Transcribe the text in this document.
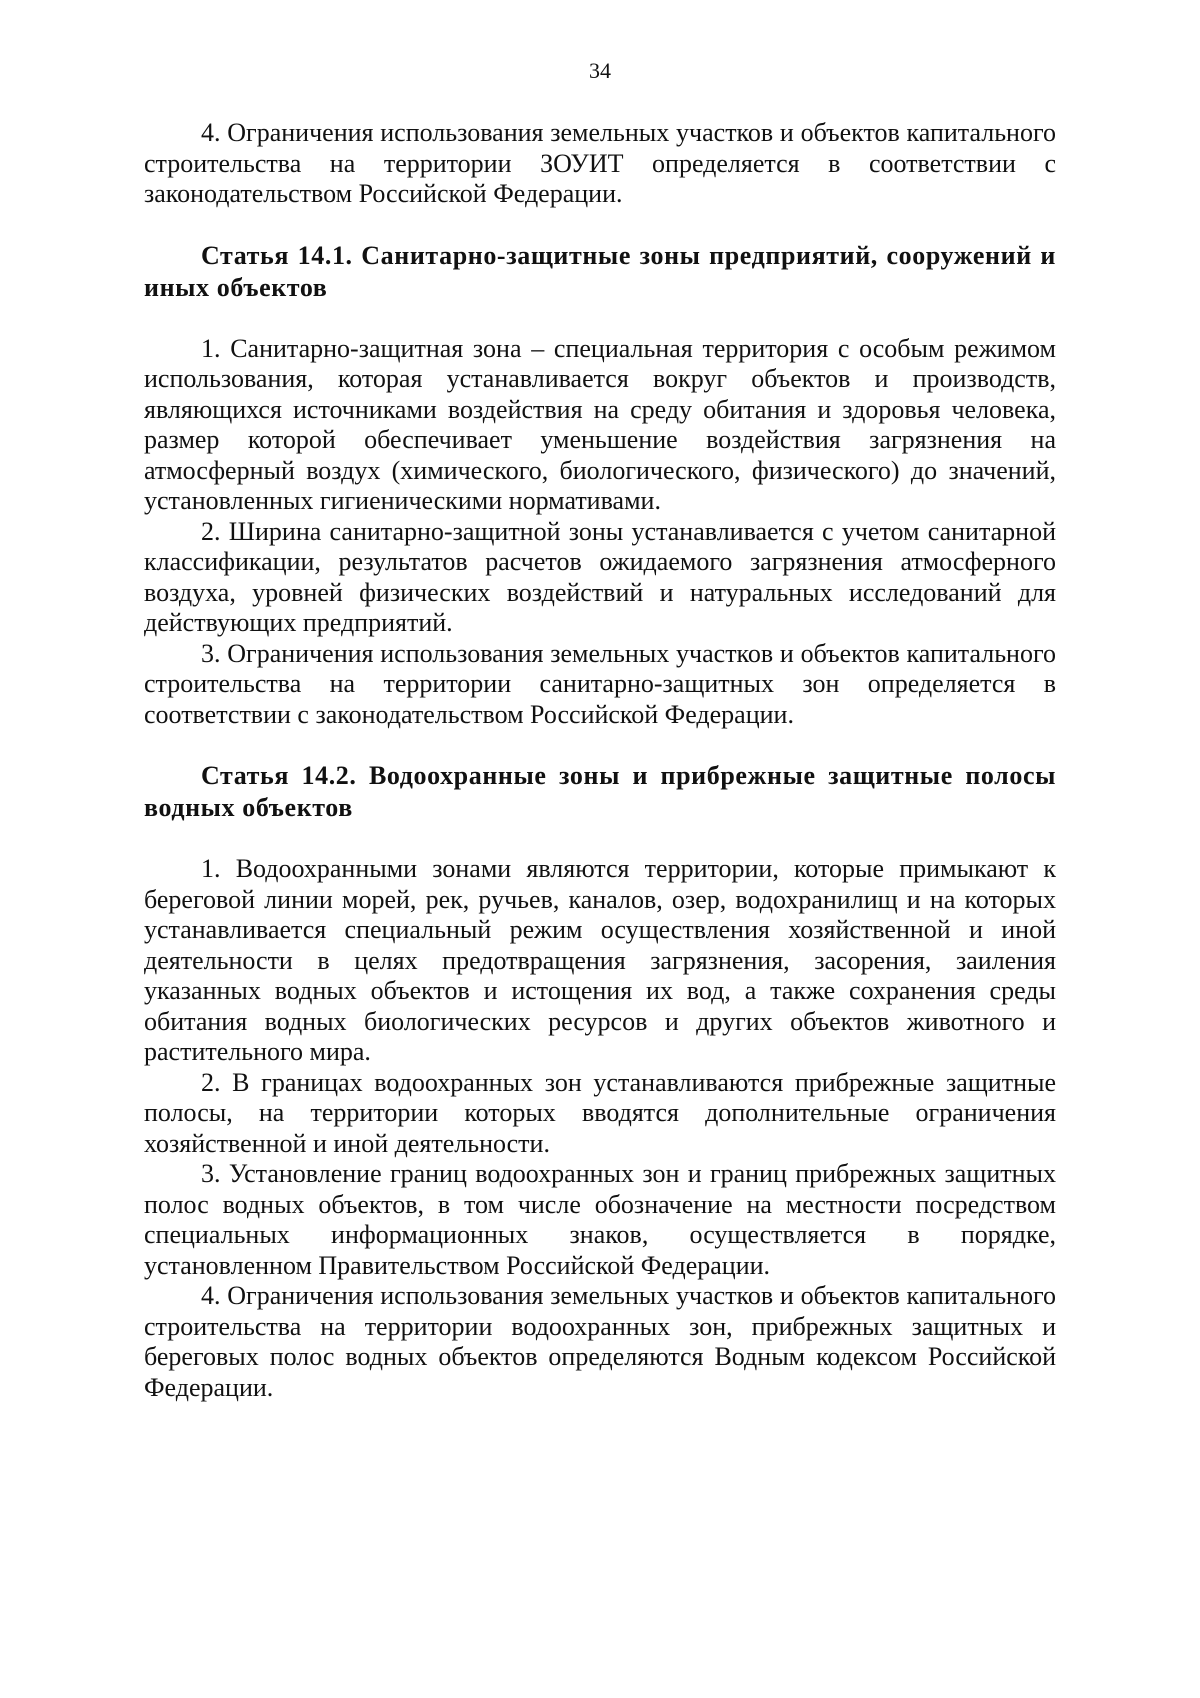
34

4. Ограничения использования земельных участков и объектов капитального строительства на территории ЗОУИТ определяется в соответствии с законодательством Российской Федерации.

Статья 14.1. Санитарно-защитные зоны предприятий, сооружений и иных объектов

1. Санитарно-защитная зона – специальная территория с особым режимом использования, которая устанавливается вокруг объектов и производств, являющихся источниками воздействия на среду обитания и здоровья человека, размер которой обеспечивает уменьшение воздействия загрязнения на атмосферный воздух (химического, биологического, физического) до значений, установленных гигиеническими нормативами.

2. Ширина санитарно-защитной зоны устанавливается с учетом санитарной классификации, результатов расчетов ожидаемого загрязнения атмосферного воздуха, уровней физических воздействий и натуральных исследований для действующих предприятий.

3. Ограничения использования земельных участков и объектов капитального строительства на территории санитарно-защитных зон определяется в соответствии с законодательством Российской Федерации.

Статья 14.2. Водоохранные зоны и прибрежные защитные полосы водных объектов

1. Водоохранными зонами являются территории, которые примыкают к береговой линии морей, рек, ручьев, каналов, озер, водохранилищ и на которых устанавливается специальный режим осуществления хозяйственной и иной деятельности в целях предотвращения загрязнения, засорения, заиления указанных водных объектов и истощения их вод, а также сохранения среды обитания водных биологических ресурсов и других объектов животного и растительного мира.

2. В границах водоохранных зон устанавливаются прибрежные защитные полосы, на территории которых вводятся дополнительные ограничения хозяйственной и иной деятельности.

3. Установление границ водоохранных зон и границ прибрежных защитных полос водных объектов, в том числе обозначение на местности посредством специальных информационных знаков, осуществляется в порядке, установленном Правительством Российской Федерации.

4. Ограничения использования земельных участков и объектов капитального строительства на территории водоохранных зон, прибрежных защитных и береговых полос водных объектов определяются Водным кодексом Российской Федерации.
